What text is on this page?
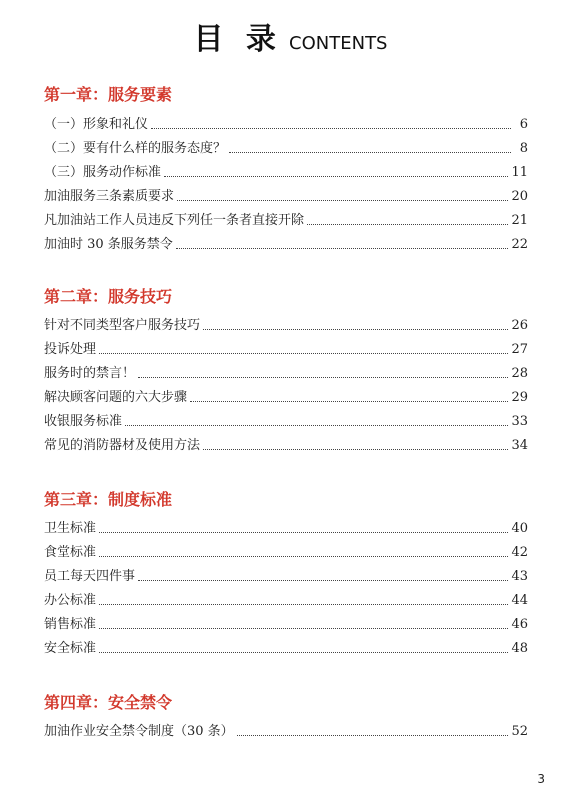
目 录 CONTENTS
第一章：服务要素
（一）形象和礼仪	6
（二）要有什么样的服务态度？	8
（三）服务动作标准	11
加油服务三条素质要求	20
凡加油站工作人员违反下列任一条者直接开除	21
加油时 30 条服务禁令	22
第二章：服务技巧
针对不同类型客户服务技巧	26
投诉处理	27
服务时的禁言！	28
解决顾客问题的六大步骤	29
收银服务标准	33
常见的消防器材及使用方法	34
第三章：制度标准
卫生标准	40
食堂标准	42
员工每天四件事	43
办公标准	44
销售标准	46
安全标准	48
第四章：安全禁令
加油作业安全禁令制度（30 条）	52
3
